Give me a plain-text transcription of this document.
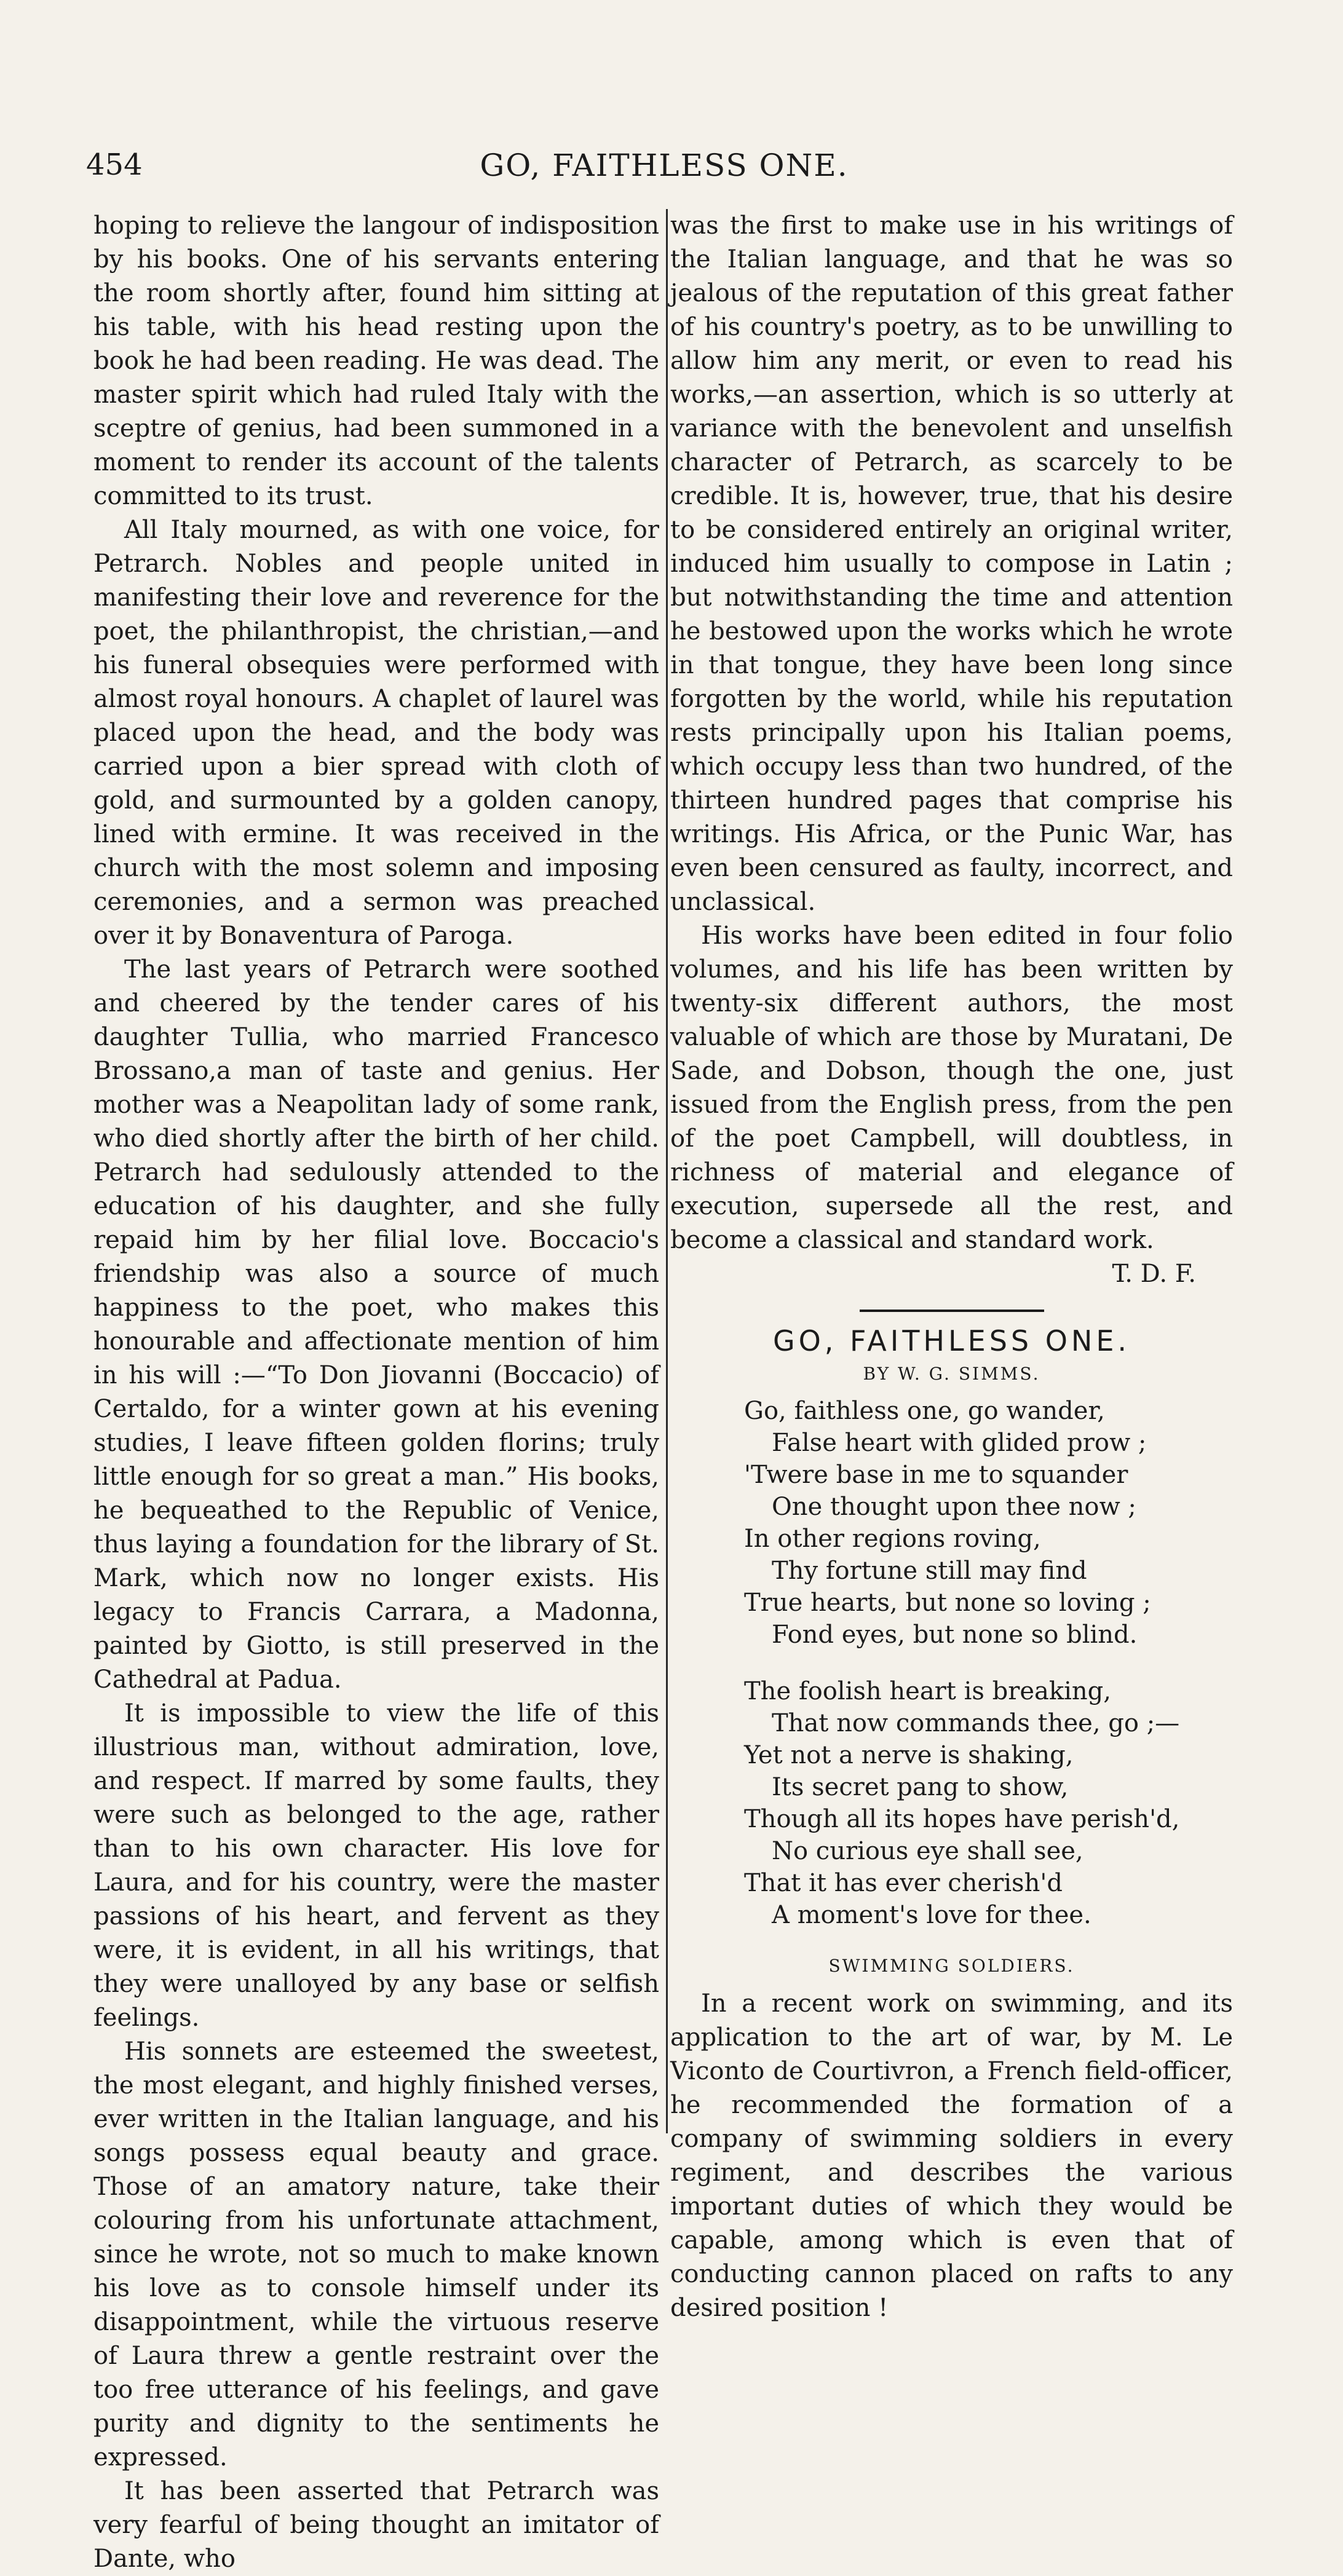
454	GO, FAITHLESS ONE.

hoping to relieve the langour of indisposition by his books. One of his servants entering the room shortly after, found him sitting at his table, with his head resting upon the book he had been reading. He was dead. The master spirit which had ruled Italy with the sceptre of genius, had been summoned in a moment to render its account of the talents committed to its trust.

All Italy mourned, as with one voice, for Petrarch. Nobles and people united in manifesting their love and reverence for the poet, the philanthropist, the christian,—and his funeral obsequies were performed with almost royal honours. A chaplet of laurel was placed upon the head, and the body was carried upon a bier spread with cloth of gold, and surmounted by a golden canopy, lined with ermine. It was received in the church with the most solemn and imposing ceremonies, and a sermon was preached over it by Bonaventura of Paroga.

The last years of Petrarch were soothed and cheered by the tender cares of his daughter Tullia, who married Francesco Brossano,a man of taste and genius. Her mother was a Neapolitan lady of some rank, who died shortly after the birth of her child. Petrarch had sedulously attended to the education of his daughter, and she fully repaid him by her filial love. Boccacio's friendship was also a source of much happiness to the poet, who makes this honourable and affectionate mention of him in his will :—“To Don Jiovanni (Boccacio) of Certaldo, for a winter gown at his evening studies, I leave fifteen golden florins; truly little enough for so great a man.” His books, he bequeathed to the Republic of Venice, thus laying a foundation for the library of St. Mark, which now no longer exists. His legacy to Francis Carrara, a Madonna, painted by Giotto, is still preserved in the Cathedral at Padua.

It is impossible to view the life of this illustrious man, without admiration, love, and respect. If marred by some faults, they were such as belonged to the age, rather than to his own character. His love for Laura, and for his country, were the master passions of his heart, and fervent as they were, it is evident, in all his writings, that they were unalloyed by any base or selfish feelings.

His sonnets are esteemed the sweetest, the most elegant, and highly finished verses, ever written in the Italian language, and his songs possess equal beauty and grace. Those of an amatory nature, take their colouring from his unfortunate attachment, since he wrote, not so much to make known his love as to console himself under its disappointment, while the virtuous reserve of Laura threw a gentle restraint over the too free utterance of his feelings, and gave purity and dignity to the sentiments he expressed.

It has been asserted that Petrarch was very fearful of being thought an imitator of Dante, who

was the first to make use in his writings of the Italian language, and that he was so jealous of the reputation of this great father of his country's poetry, as to be unwilling to allow him any merit, or even to read his works,—an assertion, which is so utterly at variance with the benevolent and unselfish character of Petrarch, as scarcely to be credible. It is, however, true, that his desire to be considered entirely an original writer, induced him usually to compose in Latin ; but notwithstanding the time and attention he bestowed upon the works which he wrote in that tongue, they have been long since forgotten by the world, while his reputation rests principally upon his Italian poems, which occupy less than two hundred, of the thirteen hundred pages that comprise his writings. His Africa, or the Punic War, has even been censured as faulty, incorrect, and unclassical.

His works have been edited in four folio volumes, and his life has been written by twenty-six different authors, the most valuable of which are those by Muratani, De Sade, and Dobson, though the one, just issued from the English press, from the pen of the poet Campbell, will doubtless, in richness of material and elegance of execution, supersede all the rest, and become a classical and standard work.

T. D. F.

GO, FAITHLESS ONE.
BY W. G. SIMMS.
Go, faithless one, go wander,
False heart with glided prow ;
'Twere base in me to squander
One thought upon thee now ;
In other regions roving,
Thy fortune still may find
True hearts, but none so loving ;
Fond eyes, but none so blind.
The foolish heart is breaking,
That now commands thee, go ;—
Yet not a nerve is shaking,
Its secret pang to show,
Though all its hopes have perish'd,
No curious eye shall see,
That it has ever cherish'd
A moment's love for thee.
SWIMMING SOLDIERS.

In a recent work on swimming, and its application to the art of war, by M. Le Viconto de Courtivron, a French field-officer, he recommended the formation of a company of swimming soldiers in every regiment, and describes the various important duties of which they would be capable, among which is even that of conducting cannon placed on rafts to any desired position !
